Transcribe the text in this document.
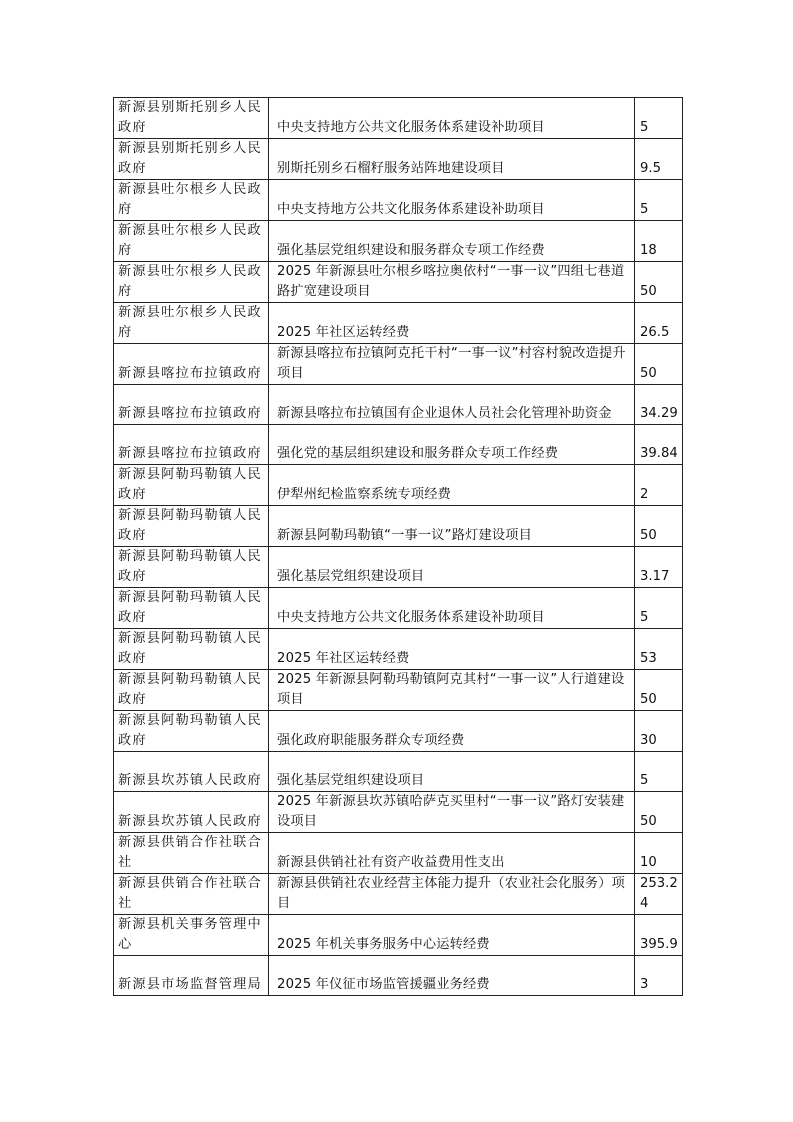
新源县别斯托别乡人民政府	中央支持地方公共文化服务体系建设补助项目	5
新源县别斯托别乡人民政府	别斯托别乡石榴籽服务站阵地建设项目	9.5
新源县吐尔根乡人民政府	中央支持地方公共文化服务体系建设补助项目	5
新源县吐尔根乡人民政府	强化基层党组织建设和服务群众专项工作经费	18
新源县吐尔根乡人民政府	2025 年新源县吐尔根乡喀拉奥依村“一事一议”四组七巷道路扩宽建设项目	50
新源县吐尔根乡人民政府	2025 年社区运转经费	26.5
新源县喀拉布拉镇政府	新源县喀拉布拉镇阿克托干村“一事一议”村容村貌改造提升项目	50
新源县喀拉布拉镇政府	新源县喀拉布拉镇国有企业退休人员社会化管理补助资金	34.29
新源县喀拉布拉镇政府	强化党的基层组织建设和服务群众专项工作经费	39.84
新源县阿勒玛勒镇人民政府	伊犁州纪检监察系统专项经费	2
新源县阿勒玛勒镇人民政府	新源县阿勒玛勒镇“一事一议”路灯建设项目	50
新源县阿勒玛勒镇人民政府	强化基层党组织建设项目	3.17
新源县阿勒玛勒镇人民政府	中央支持地方公共文化服务体系建设补助项目	5
新源县阿勒玛勒镇人民政府	2025 年社区运转经费	53
新源县阿勒玛勒镇人民政府	2025 年新源县阿勒玛勒镇阿克其村“一事一议”人行道建设项目	50
新源县阿勒玛勒镇人民政府	强化政府职能服务群众专项经费	30
新源县坎苏镇人民政府	强化基层党组织建设项目	5
新源县坎苏镇人民政府	2025 年新源县坎苏镇哈萨克买里村“一事一议”路灯安装建设项目	50
新源县供销合作社联合社	新源县供销社社有资产收益费用性支出	10
新源县供销合作社联合社	新源县供销社农业经营主体能力提升（农业社会化服务）项目	253.24
新源县机关事务管理中心	2025 年机关事务服务中心运转经费	395.9
新源县市场监督管理局	2025 年仪征市场监管援疆业务经费	3
